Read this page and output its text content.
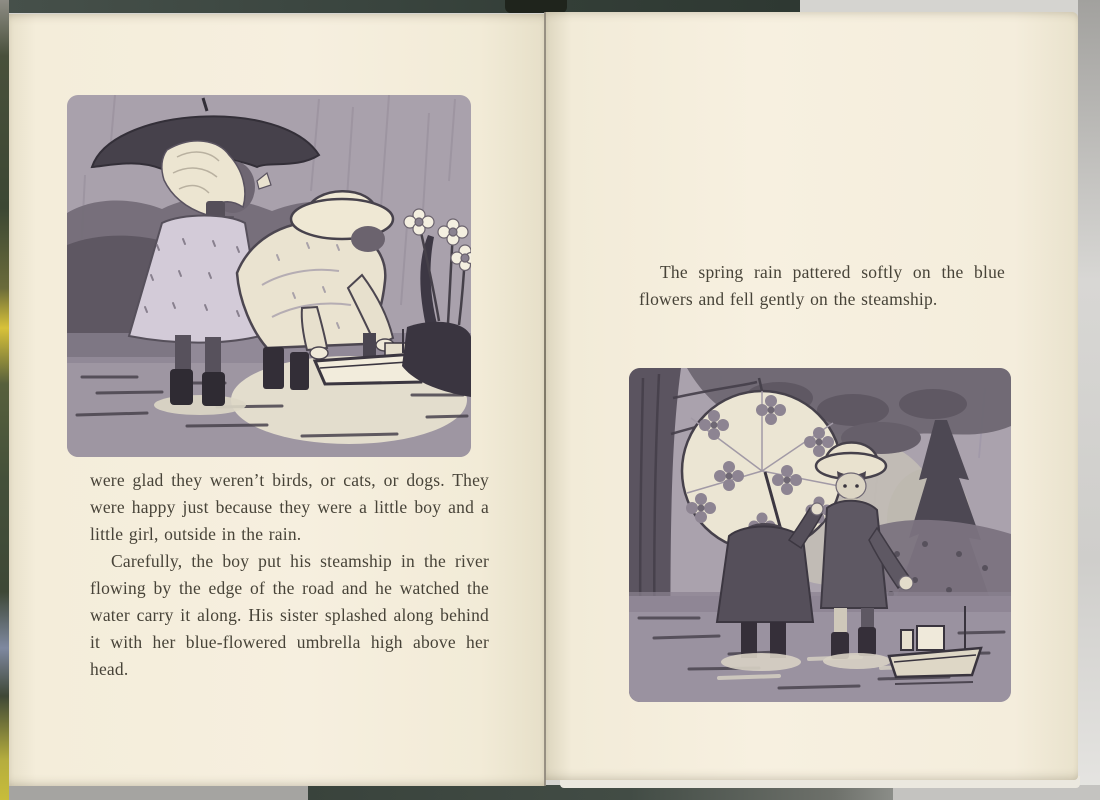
were glad they weren’t birds, or cats, or dogs. They were happy just because they were a little boy and a little girl, outside in the rain.

Carefully, the boy put his steamship in the river flowing by the edge of the road and he watched the water carry it along. His sister splashed along behind it with her blue-flowered umbrella high above her head.

The spring rain pattered softly on the blue flowers and fell gently on the steamship.
